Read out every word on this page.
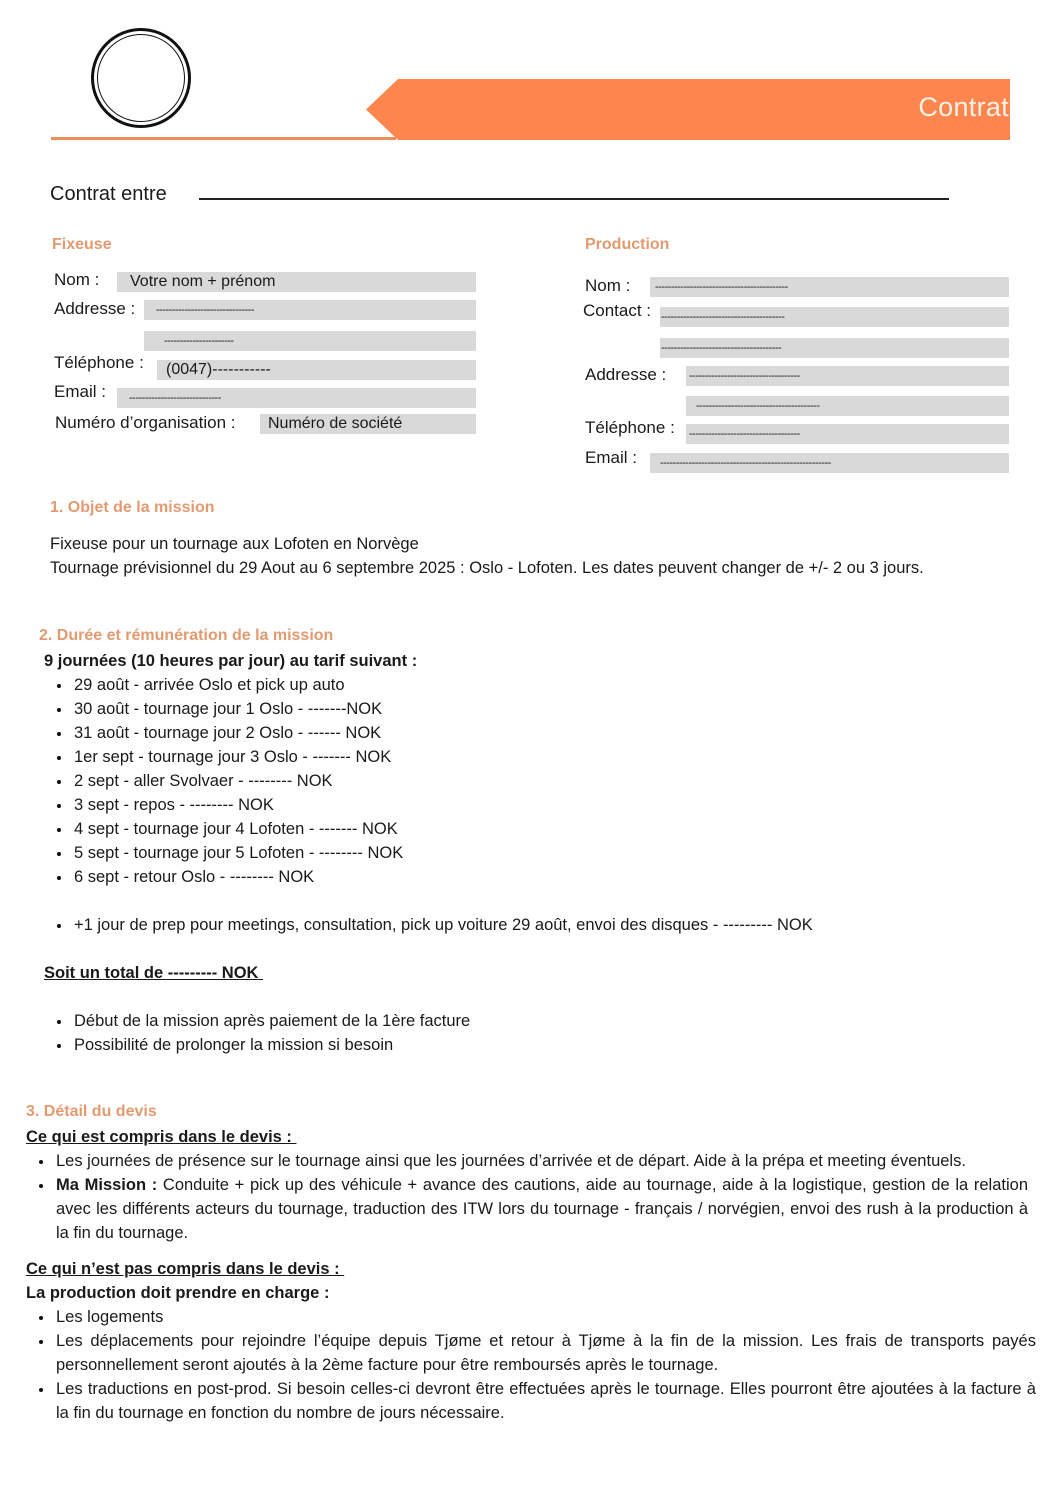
Contrat
Contrat entre
Fixeuse
Nom :	Votre nom + prénom
Addresse :	-------------------------------
----------------------
Téléphone :	(0047)-----------
Email :	-----------------------------
Numéro d’organisation :	Numéro de société
Production
Nom :	------------------------------------------
Contact : ---------------------------------------
--------------------------------------
Addresse : -----------------------------------
---------------------------------------
Téléphone : -----------------------------------
Email :	------------------------------------------------------
1. Objet de la mission
Fixeuse pour un tournage aux Lofoten en Norvège
Tournage prévisionnel du 29 Aout au 6 septembre 2025 : Oslo - Lofoten. Les dates peuvent changer de +/- 2 ou 3 jours.
2. Durée et rémunération de la mission
9 journées (10 heures par jour) au tarif suivant :
29 août - arrivée Oslo et pick up auto
30 août - tournage jour 1 Oslo - -------NOK
31 août - tournage jour 2 Oslo - ------ NOK
1er sept - tournage jour 3 Oslo - ------- NOK
2 sept - aller Svolvaer - -------- NOK
3 sept - repos - -------- NOK
4 sept - tournage jour 4 Lofoten - ------- NOK
5 sept - tournage jour 5 Lofoten - -------- NOK
6 sept - retour Oslo - -------- NOK
+1 jour de prep pour meetings, consultation, pick up voiture 29 août, envoi des disques - --------- NOK
Soit un total de --------- NOK
Début de la mission après paiement de la 1ère facture
Possibilité de prolonger la mission si besoin
3. Détail du devis
Ce qui est compris dans le devis :
Les journées de présence sur le tournage ainsi que les journées d’arrivée et de départ. Aide à la prépa et meeting éventuels.
Ma Mission : Conduite + pick up des véhicule + avance des cautions, aide au tournage, aide à la logistique, gestion de la relation avec les différents acteurs du tournage, traduction des ITW lors du tournage - français / norvégien, envoi des rush à la production à la fin du tournage.
Ce qui n’est pas compris dans le devis :
La production doit prendre en charge :
Les logements
Les déplacements pour rejoindre l’équipe depuis Tjøme et retour à Tjøme à la fin de la mission. Les frais de transports payés personnellement seront ajoutés à la 2ème facture pour être remboursés après le tournage.
Les traductions en post-prod. Si besoin celles-ci devront être effectuées après le tournage. Elles pourront être ajoutées à la facture à la fin du tournage en fonction du nombre de jours nécessaire.
